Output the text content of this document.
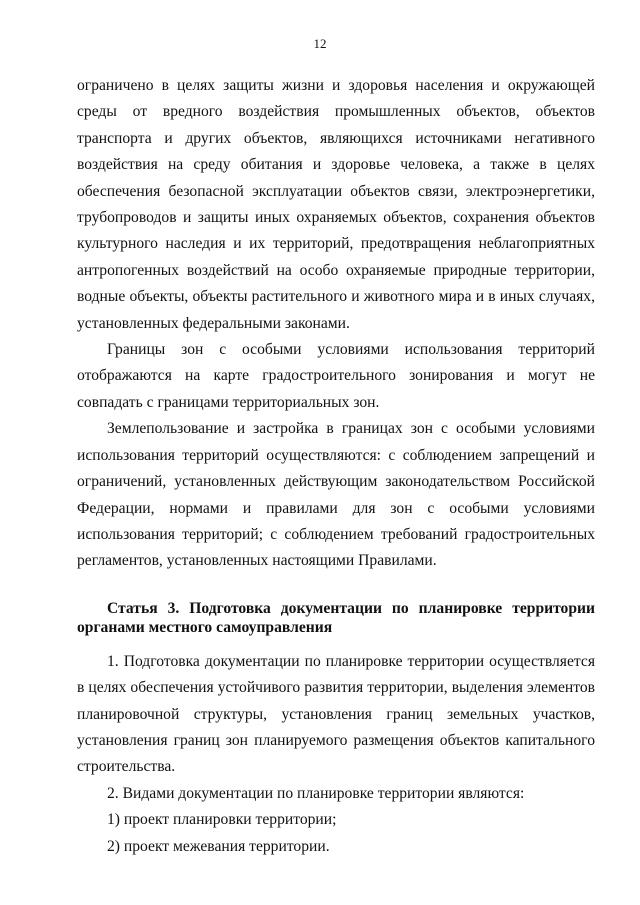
12

ограничено в целях защиты жизни и здоровья населения и окружающей среды от вредного воздействия промышленных объектов, объектов транспорта и других объектов, являющихся источниками негативного воздействия на среду обитания и здоровье человека, а также в целях обеспечения безопасной эксплуатации объектов связи, электроэнергетики, трубопроводов и защиты иных охраняемых объектов, сохранения объектов культурного наследия и их территорий, предотвращения неблагоприятных антропогенных воздействий на особо охраняемые природные территории, водные объекты, объекты растительного и животного мира и в иных случаях, установленных федеральными законами.

Границы зон с особыми условиями использования территорий отображаются на карте градостроительного зонирования и могут не совпадать с границами территориальных зон.

Землепользование и застройка в границах зон с особыми условиями использования территорий осуществляются: с соблюдением запрещений и ограничений, установленных действующим законодательством Российской Федерации, нормами и правилами для зон с особыми условиями использования территорий; с соблюдением требований градостроительных регламентов, установленных настоящими Правилами.

Статья 3. Подготовка документации по планировке территории органами местного самоуправления

1. Подготовка документации по планировке территории осуществляется в целях обеспечения устойчивого развития территории, выделения элементов планировочной структуры, установления границ земельных участков, установления границ зон планируемого размещения объектов капитального строительства.

2. Видами документации по планировке территории являются:

1) проект планировки территории;

2) проект межевания территории.
